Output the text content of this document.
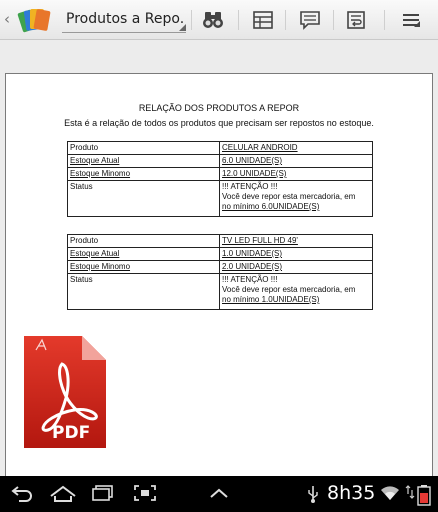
‹	Produtos a Repo.
RELAÇÃO DOS PRODUTOS A REPOR
Esta é a relação de todos os produtos que precisam ser repostos no estoque.
Produto	CELULAR ANDROID
Estoque Atual	6.0 UNIDADE(S)
Estoque Minomo	12.0 UNIDADE(S)
Status	!!! ATENÇÃO !!!
Você deve repor esta mercadoria, em
no mínimo 6.0UNIDADE(S)
Produto	TV LED FULL HD 49'
Estoque Atual	1.0 UNIDADE(S)
Estoque Minomo	2.0 UNIDADE(S)
Status	!!! ATENÇÃO !!!
Você deve repor esta mercadoria, em
no mínimo 1.0UNIDADE(S)
PDF
8h35
